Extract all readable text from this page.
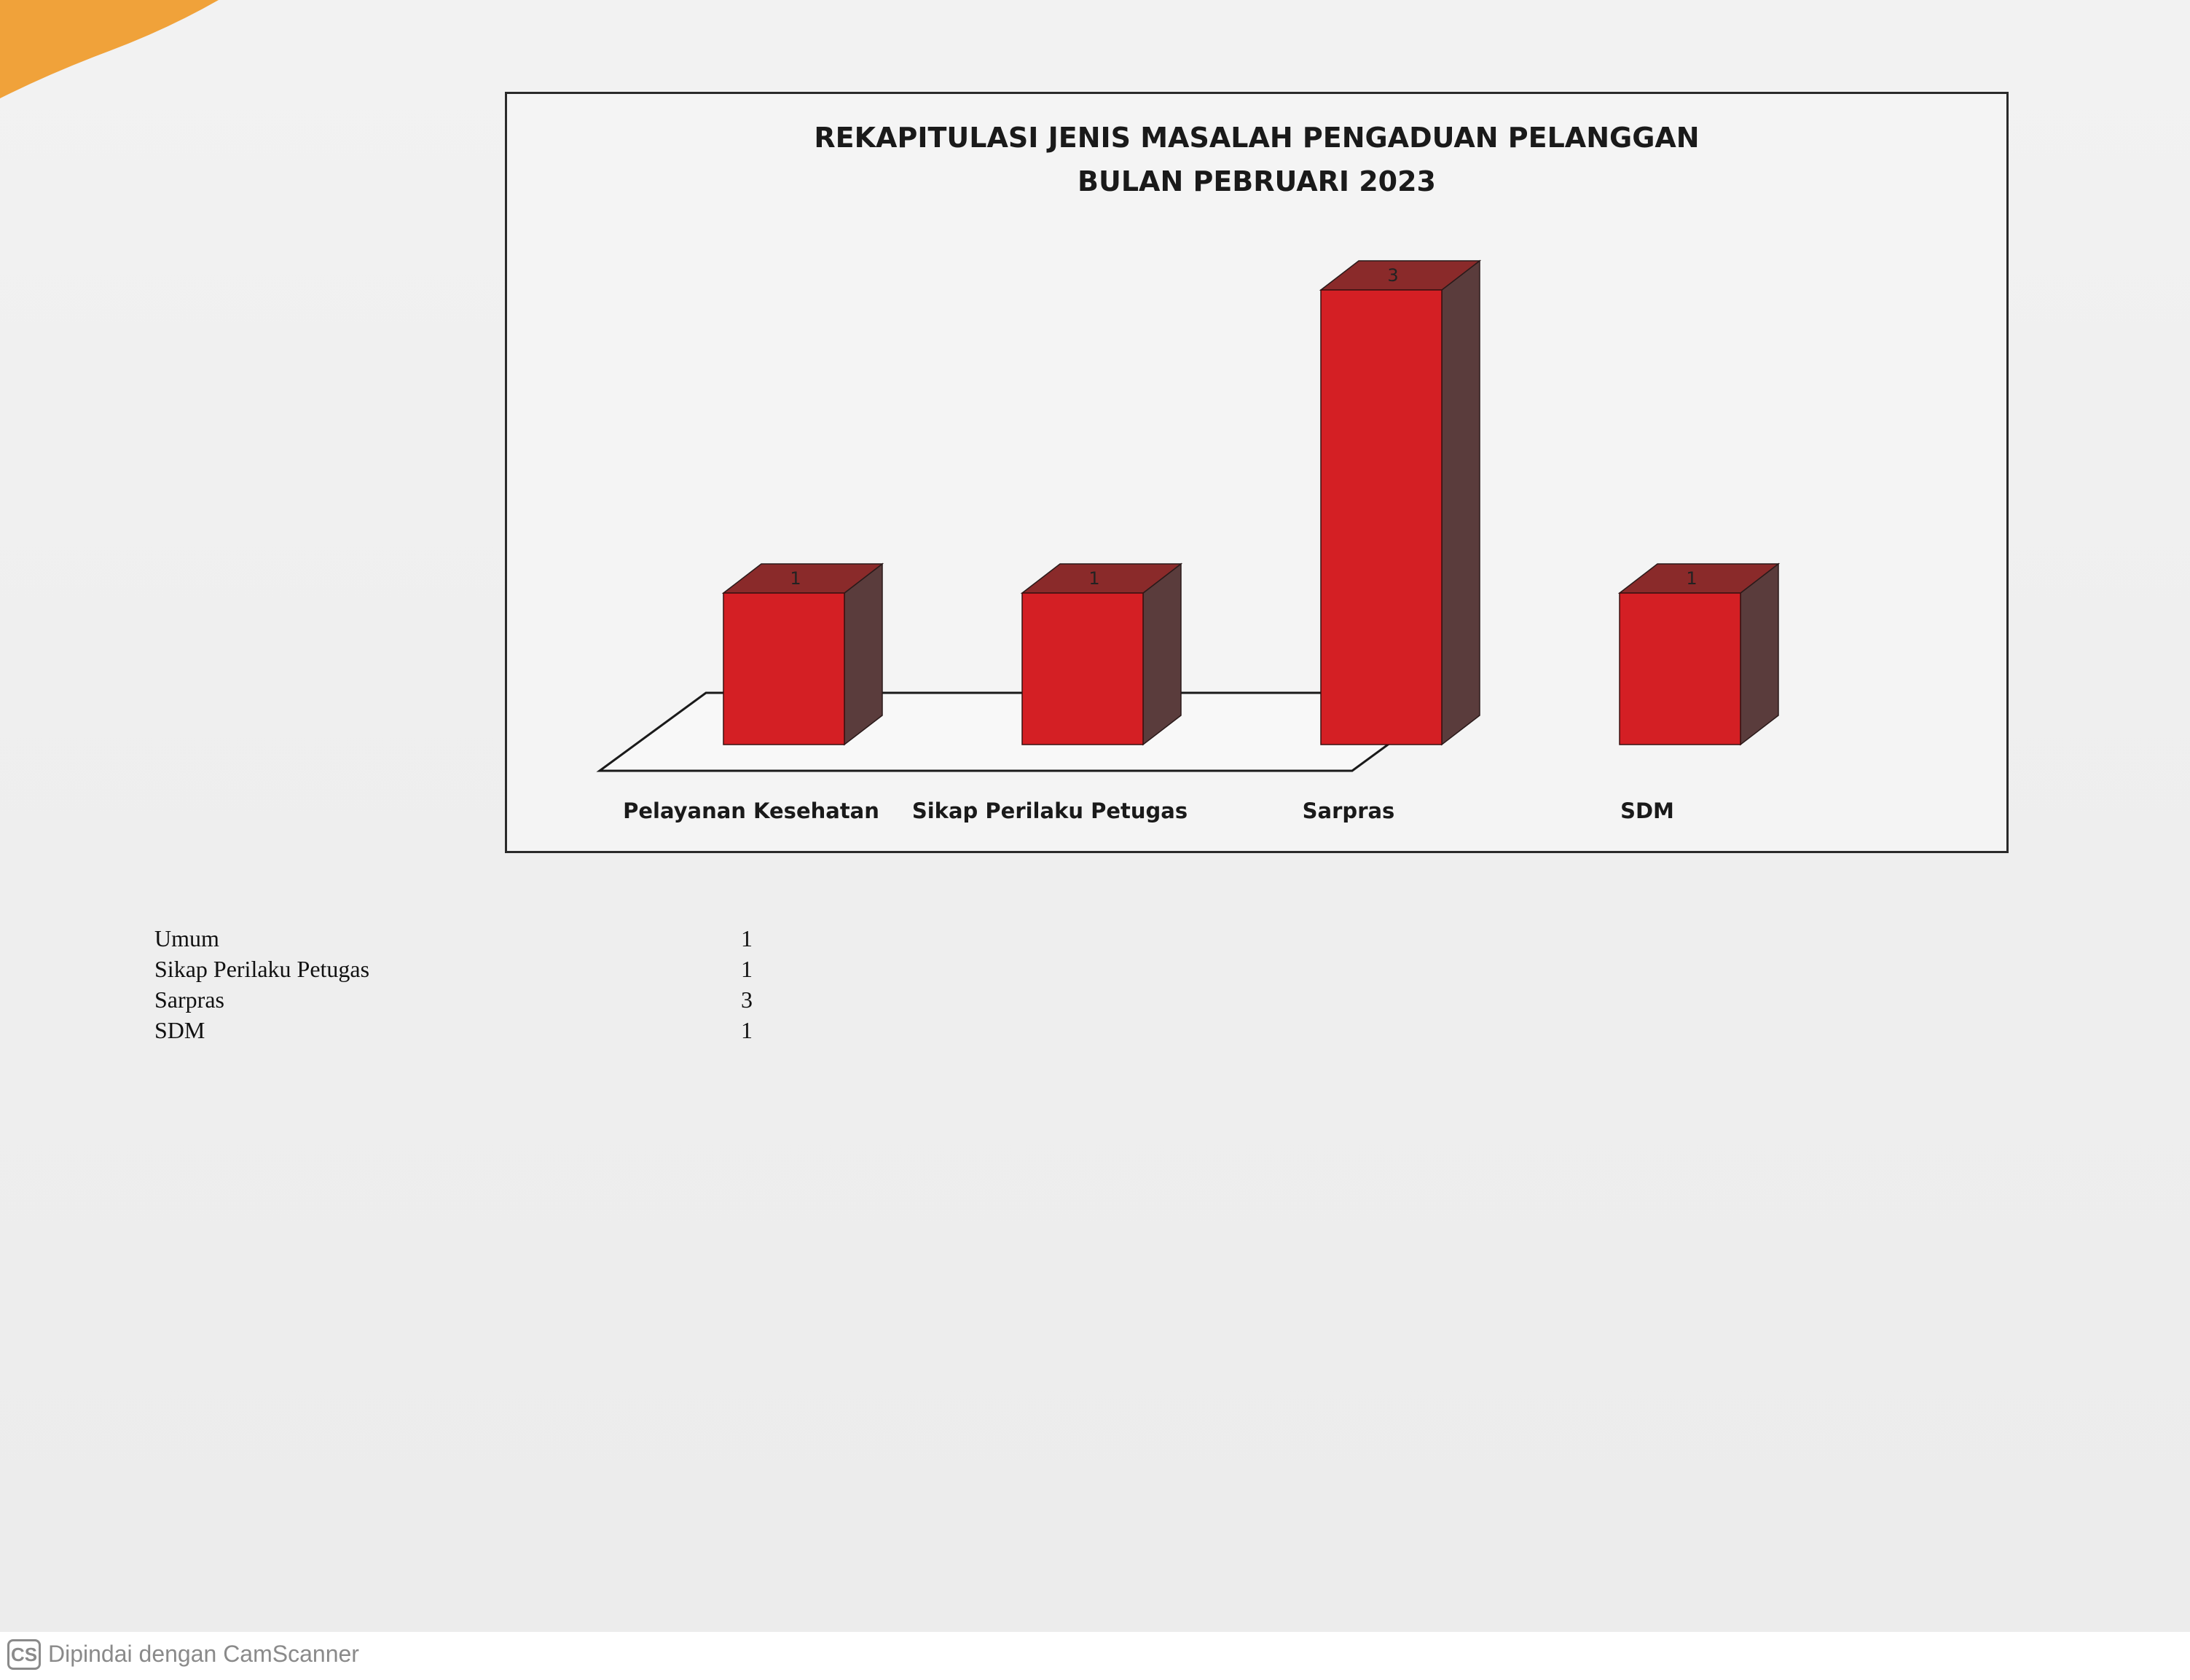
REKAPITULASI JENIS MASALAH PENGADUAN PELANGGAN
BULAN PEBRUARI 2023
1
Pelayanan Kesehatan
1
Sikap Perilaku Petugas
3
Sarpras
1
SDM
Umum	1
Sikap Perilaku Petugas	1
Sarpras	3
SDM	1
CS Dipindai dengan CamScanner
